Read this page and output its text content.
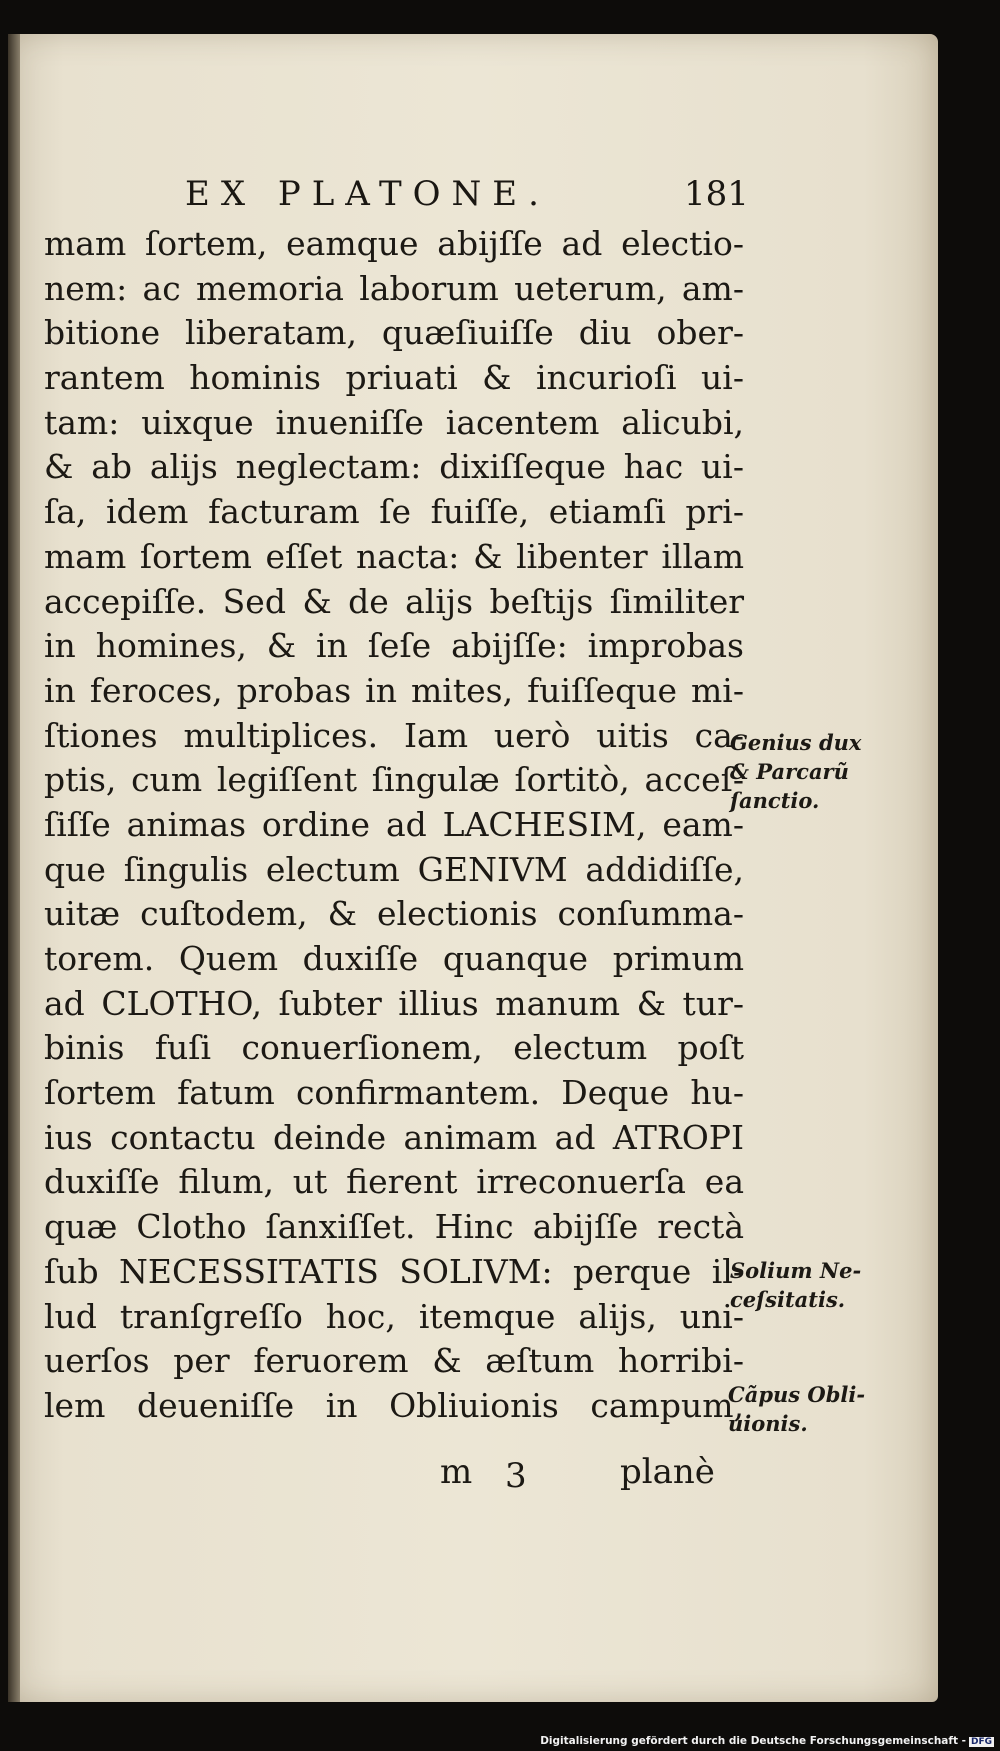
EX PLATONE.	181
mam ſortem, eamque abijſſe ad electio-
nem: ac memoria laborum ueterum, am-
bitione liberatam, quæſiuiſſe diu ober-
rantem hominis priuati & incurioſi ui-
tam: uixque inueniſſe iacentem alicubi,
& ab alijs neglectam: dixiſſeque hac ui-
ſa, idem facturam ſe fuiſſe, etiamſi pri-
mam ſortem eſſet nacta: & libenter illam
accepiſſe. Sed & de alijs beſtijs ſimiliter
in homines, & in ſeſe abijſſe: improbas
in feroces, probas in mites, fuiſſeque mi-
ſtiones multiplices. Iam uerò uitis ca-
ptis, cum legiſſent ſingulæ ſortitò, acceſ-
ſiſſe animas ordine ad LACHESIM, eam-
que ſingulis electum GENIVM addidiſſe,
uitæ cuſtodem, & electionis conſumma-
torem. Quem duxiſſe quanque primum
ad CLOTHO, ſubter illius manum & tur-
binis fuſi conuerſionem, electum poſt
ſortem fatum confirmantem. Deque hu-
ius contactu deinde animam ad ATROPI
duxiſſe filum, ut fierent irreconuerſa ea
quæ Clotho ſanxiſſet. Hinc abijſſe rectà
ſub NECESSITATIS SOLIVM: perque il-
lud tranſgreſſo hoc, itemque alijs, uni-
uerſos per feruorem & æſtum horribi-
lem deueniſſe in Obliuionis campum,
Genius dux
& Parcarũ
ſanctio.
Solium Ne-
ceſsitatis.
Cãpus Obli-
uionis.
m 3	planè
Digitalisierung gefördert durch die Deutsche Forschungsgemeinschaft - DFG
